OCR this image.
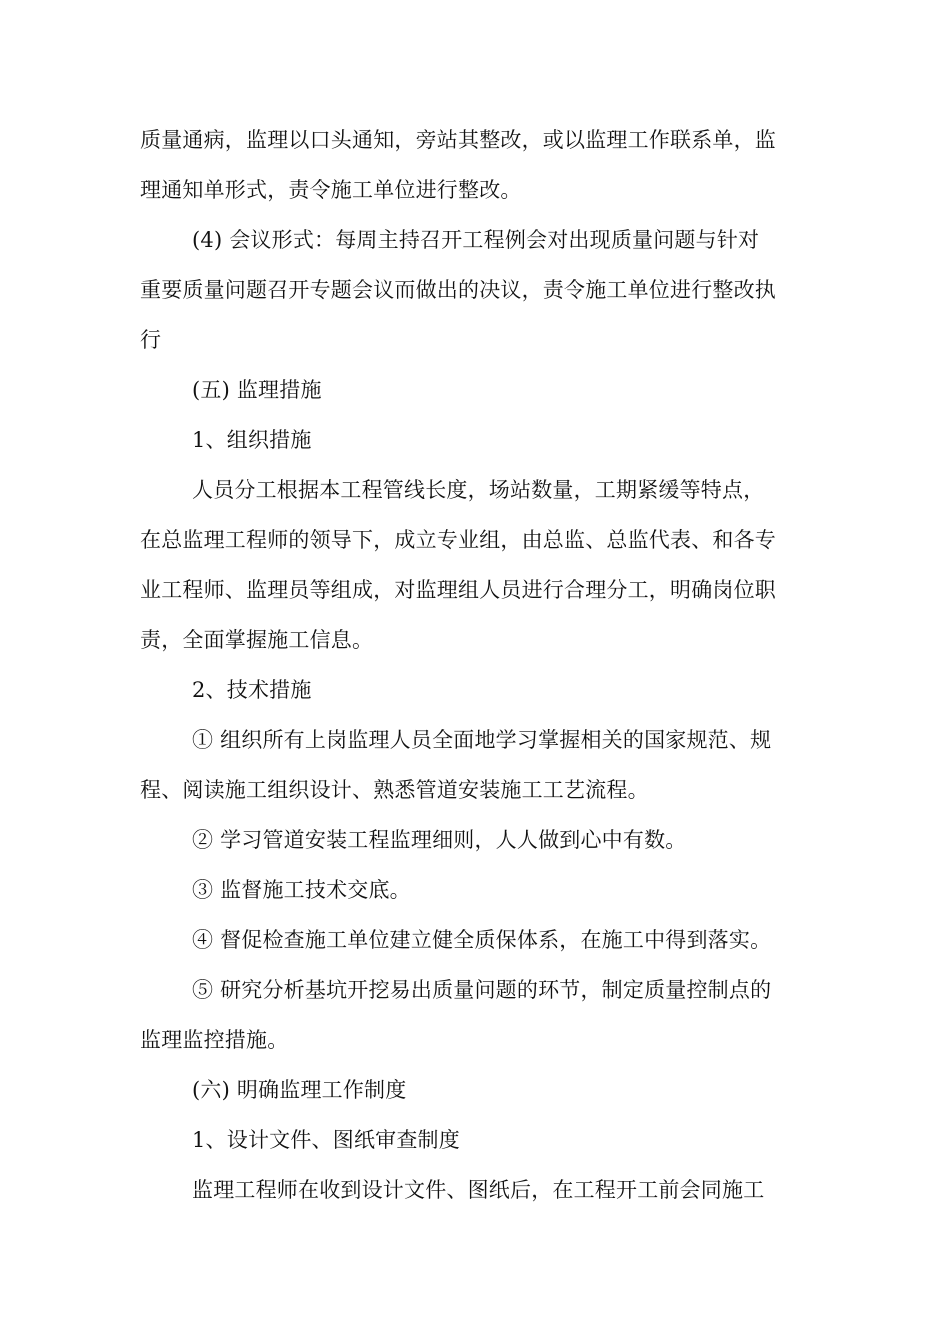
质量通病，监理以口头通知，旁站其整改，或以监理工作联系单，监
理通知单形式，责令施工单位进行整改。
(4) 会议形式：每周主持召开工程例会对出现质量问题与针对
重要质量问题召开专题会议而做出的决议，责令施工单位进行整改执
行
(五) 监理措施
1、组织措施
人员分工根据本工程管线长度，场站数量，工期紧缓等特点，
在总监理工程师的领导下，成立专业组，由总监、总监代表、和各专
业工程师、监理员等组成，对监理组人员进行合理分工，明确岗位职
责，全面掌握施工信息。
2、技术措施
① 组织所有上岗监理人员全面地学习掌握相关的国家规范、规
程、阅读施工组织设计、熟悉管道安装施工工艺流程。
② 学习管道安装工程监理细则，人人做到心中有数。
③ 监督施工技术交底。
④ 督促检查施工单位建立健全质保体系，在施工中得到落实。
⑤ 研究分析基坑开挖易出质量问题的环节，制定质量控制点的
监理监控措施。
(六) 明确监理工作制度
1、设计文件、图纸审查制度
监理工程师在收到设计文件、图纸后，在工程开工前会同施工
